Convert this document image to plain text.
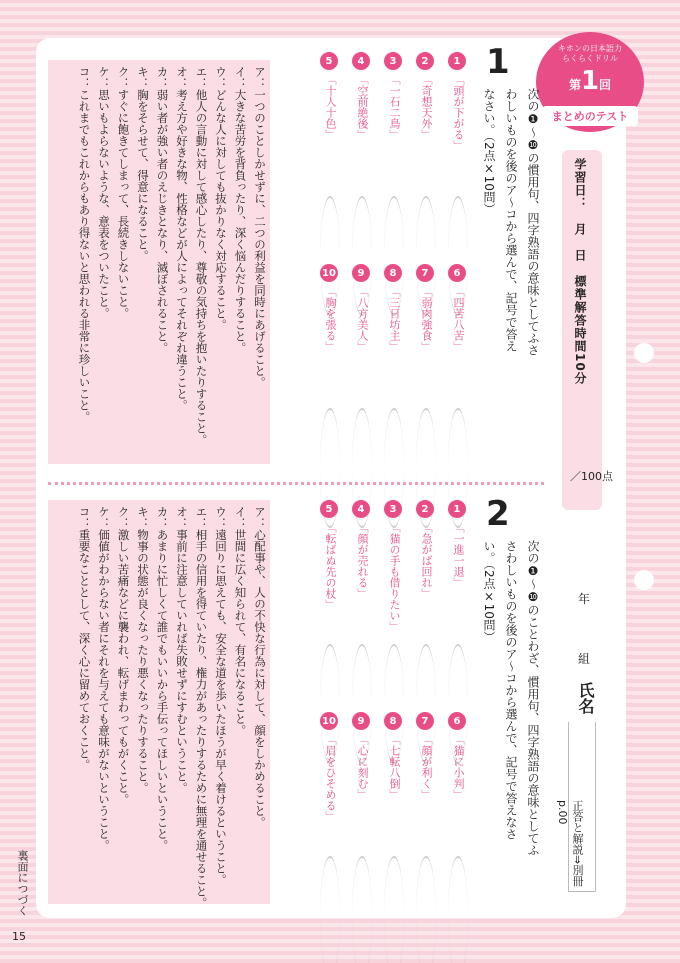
キホンの日本語力
らくらくドリル
第1回
まとめのテスト
学習日：　月　日　標準解答時間10分
／100点
1
次の❶〜❿の慣用句、四字熟語の意味としてふさわしいものを後のア〜コから選んで、記号で答えなさい。（2点×10問）
1
「頭が下がる」
2
「奇想天外」
3
「一石二鳥」
4
「空前絶後」
5
「十人十色」
6
「四苦八苦」
7
「弱肉強食」
8
「三日坊主」
9
「八方美人」
10
「胸を張る」
ア：一つのことしかせずに、二つの利益を同時にあげること。
イ：大きな苦労を背負ったり、深く悩んだりすること。
ウ：どんな人に対しても抜かりなく対応すること。
エ：他人の言動に対して感心したり、尊敬の気持ちを抱いたりすること。
オ：考え方や好きな物、性格などが人によってそれぞれ違うこと。
カ：弱い者が強い者のえじきとなり、滅ぼされること。
キ：胸をそらせて、得意になること。
ク：すぐに飽きてしまって、長続きしないこと。
ケ：思いもよらないような、意表をついたこと。
コ：これまでもこれからもあり得ないと思われる非常に珍しいこと。
2
次の❶〜❿のことわざ、慣用句、四字熟語の意味としてふさわしいものを後のア〜コから選んで、記号で答えなさい。（2点×10問）
1
「一進一退」
2
「急がば回れ」
3
「猫の手も借りたい」
4
「顔が売れる」
5
「転ばぬ先の杖」
6
「猫に小判」
7
「顔が利く」
8
「七転八倒」
9
「心に刻む」
10
「眉をひそめる」
ア：心配事や、人の不快な行為に対して、顔をしかめること。
イ：世間に広く知られて、有名になること。
ウ：遠回りに思えても、安全な道を歩いたほうが早く着けるということ。
エ：相手の信用を得ていたり、権力があったりするために無理を通せること。
オ：事前に注意していれば失敗せずにすむということ。
カ：あまりに忙しくて誰でもいいから手伝ってほしいということ。
キ：物事の状態が良くなったり悪くなったりすること。
ク：激しい苦痛などに襲われ、転げまわってもがくこと。
ケ：価値がわからない者にそれを与えても意味がないということ。
コ：重要なこととして、深く心に留めておくこと。	年
組
氏名
正答と解説⇒別冊 p.00
裏面につづく
15
